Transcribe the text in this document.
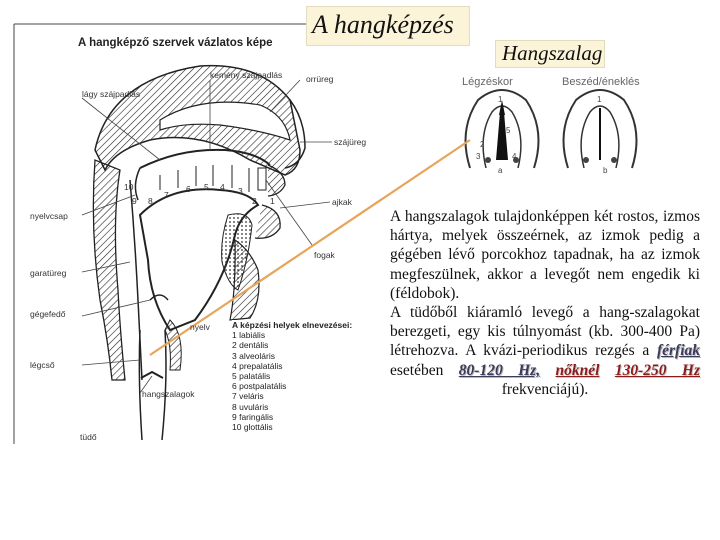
A hangképzés
Hangszalag
A hangképző szervek vázlatos képe
kemény szájpadlás
lágy szájpadlás
orrüreg
szájüreg
nyelvcsap
ajkak
fogak
garatüreg
gégefedő
nyelv
légcső
hangszalagok
tüdő
10
9 8
7
6 5 4 3
2 1
A képzési helyek elnevezései:
1 labiális
2 dentális
3 alveoláris
4 prepalatális
5 palatális
6 postpalatális
7 veláris
8 uvuláris
9 faringális
10 glottális
Légzéskor	Beszéd/éneklés
1
5
2
3	4
a
1
b

A hangszalagok tulajdonképpen két rostos, izmos hártya, melyek összeérnek, az izmok pedig a gégében lévő porcokhoz tapadnak, ha az izmok megfeszülnek, akkor a levegőt nem engedik ki (féldobok).

A tüdőből kiáramló levegő a hang-szalagokat berezgeti, egy kis túlnyomást (kb. 300-400 Pa) létrehozva. A kvázi-periodikus rezgés a férfiak esetében 80-120 Hz, nőknél 130-250 Hz frekvenciájú).
